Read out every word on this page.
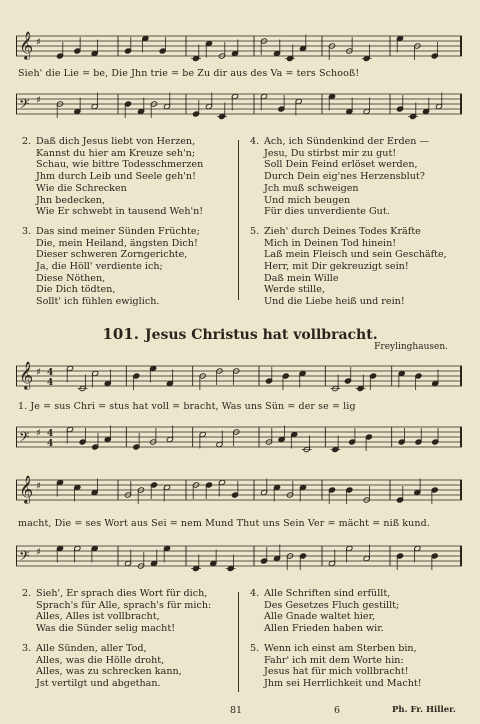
𝄞 ♯
Sieh' die Lie = be, Die Jhn trie = be Zu dir aus des Va = ters Schooß!
𝄢 ♯
2. Daß dich Jesus liebt von Herzen,
Kannst du hier am Kreuze seh'n;
Schau, wie bittre Todesschmerzen
Jhm durch Leib und Seele geh'n!
Wie die Schrecken
Jhn bedecken,
Wie Er schwebt in tausend Weh'n!
3. Das sind meiner Sünden Früchte;
Die, mein Heiland, ängsten Dich!
Dieser schweren Zorngerichte,
Ja, die Höll' verdiente ich;
Diese Nöthen,
Die Dich tödten,
Sollt' ich fühlen ewiglich.
4. Ach, ich Sündenkind der Erden —
Jesu, Du stirbst mir zu gut!
Soll Dein Feind erlöset werden,
Durch Dein eig'nes Herzensblut?
Jch muß schweigen
Und mich beugen
Für dies unverdiente Gut.
5. Zieh' durch Deines Todes Kräfte
Mich in Deinen Tod hinein!
Laß mein Fleisch und sein Geschäfte,
Herr, mit Dir gekreuzigt sein!
Daß mein Wille
Werde stille,
Und die Liebe heiß und rein!
101. Jesus Christus hat vollbracht.
Freylinghausen.
𝄞 ♯ 4
4
1. Je = sus Chri = stus hat voll = bracht, Was uns Sün = der se = lig
𝄢 ♯ 4
4
𝄞 ♯
macht, Die = ses Wort aus Sei = nem Mund Thut uns Sein Ver = mächt = niß kund.
𝄢 ♯
2. Sieh', Er sprach dies Wort für dich,
Sprach's für Alle, sprach's für mich:
Alles, Alles ist vollbracht,
Was die Sünder selig macht!
3. Alle Sünden, aller Tod,
Alles, was die Hölle droht,
Alles, was zu schrecken kann,
Jst vertilgt und abgethan.
4. Alle Schriften sind erfüllt,
Des Gesetzes Fluch gestillt;
Alle Gnade waltet hier,
Allen Frieden haben wir.
5. Wenn ich einst am Sterben bin,
Fahr' ich mit dem Worte hin:
Jesus hat für mich vollbracht!
Jhm sei Herrlichkeit und Macht!
81	6	Ph. Fr. Hiller.
